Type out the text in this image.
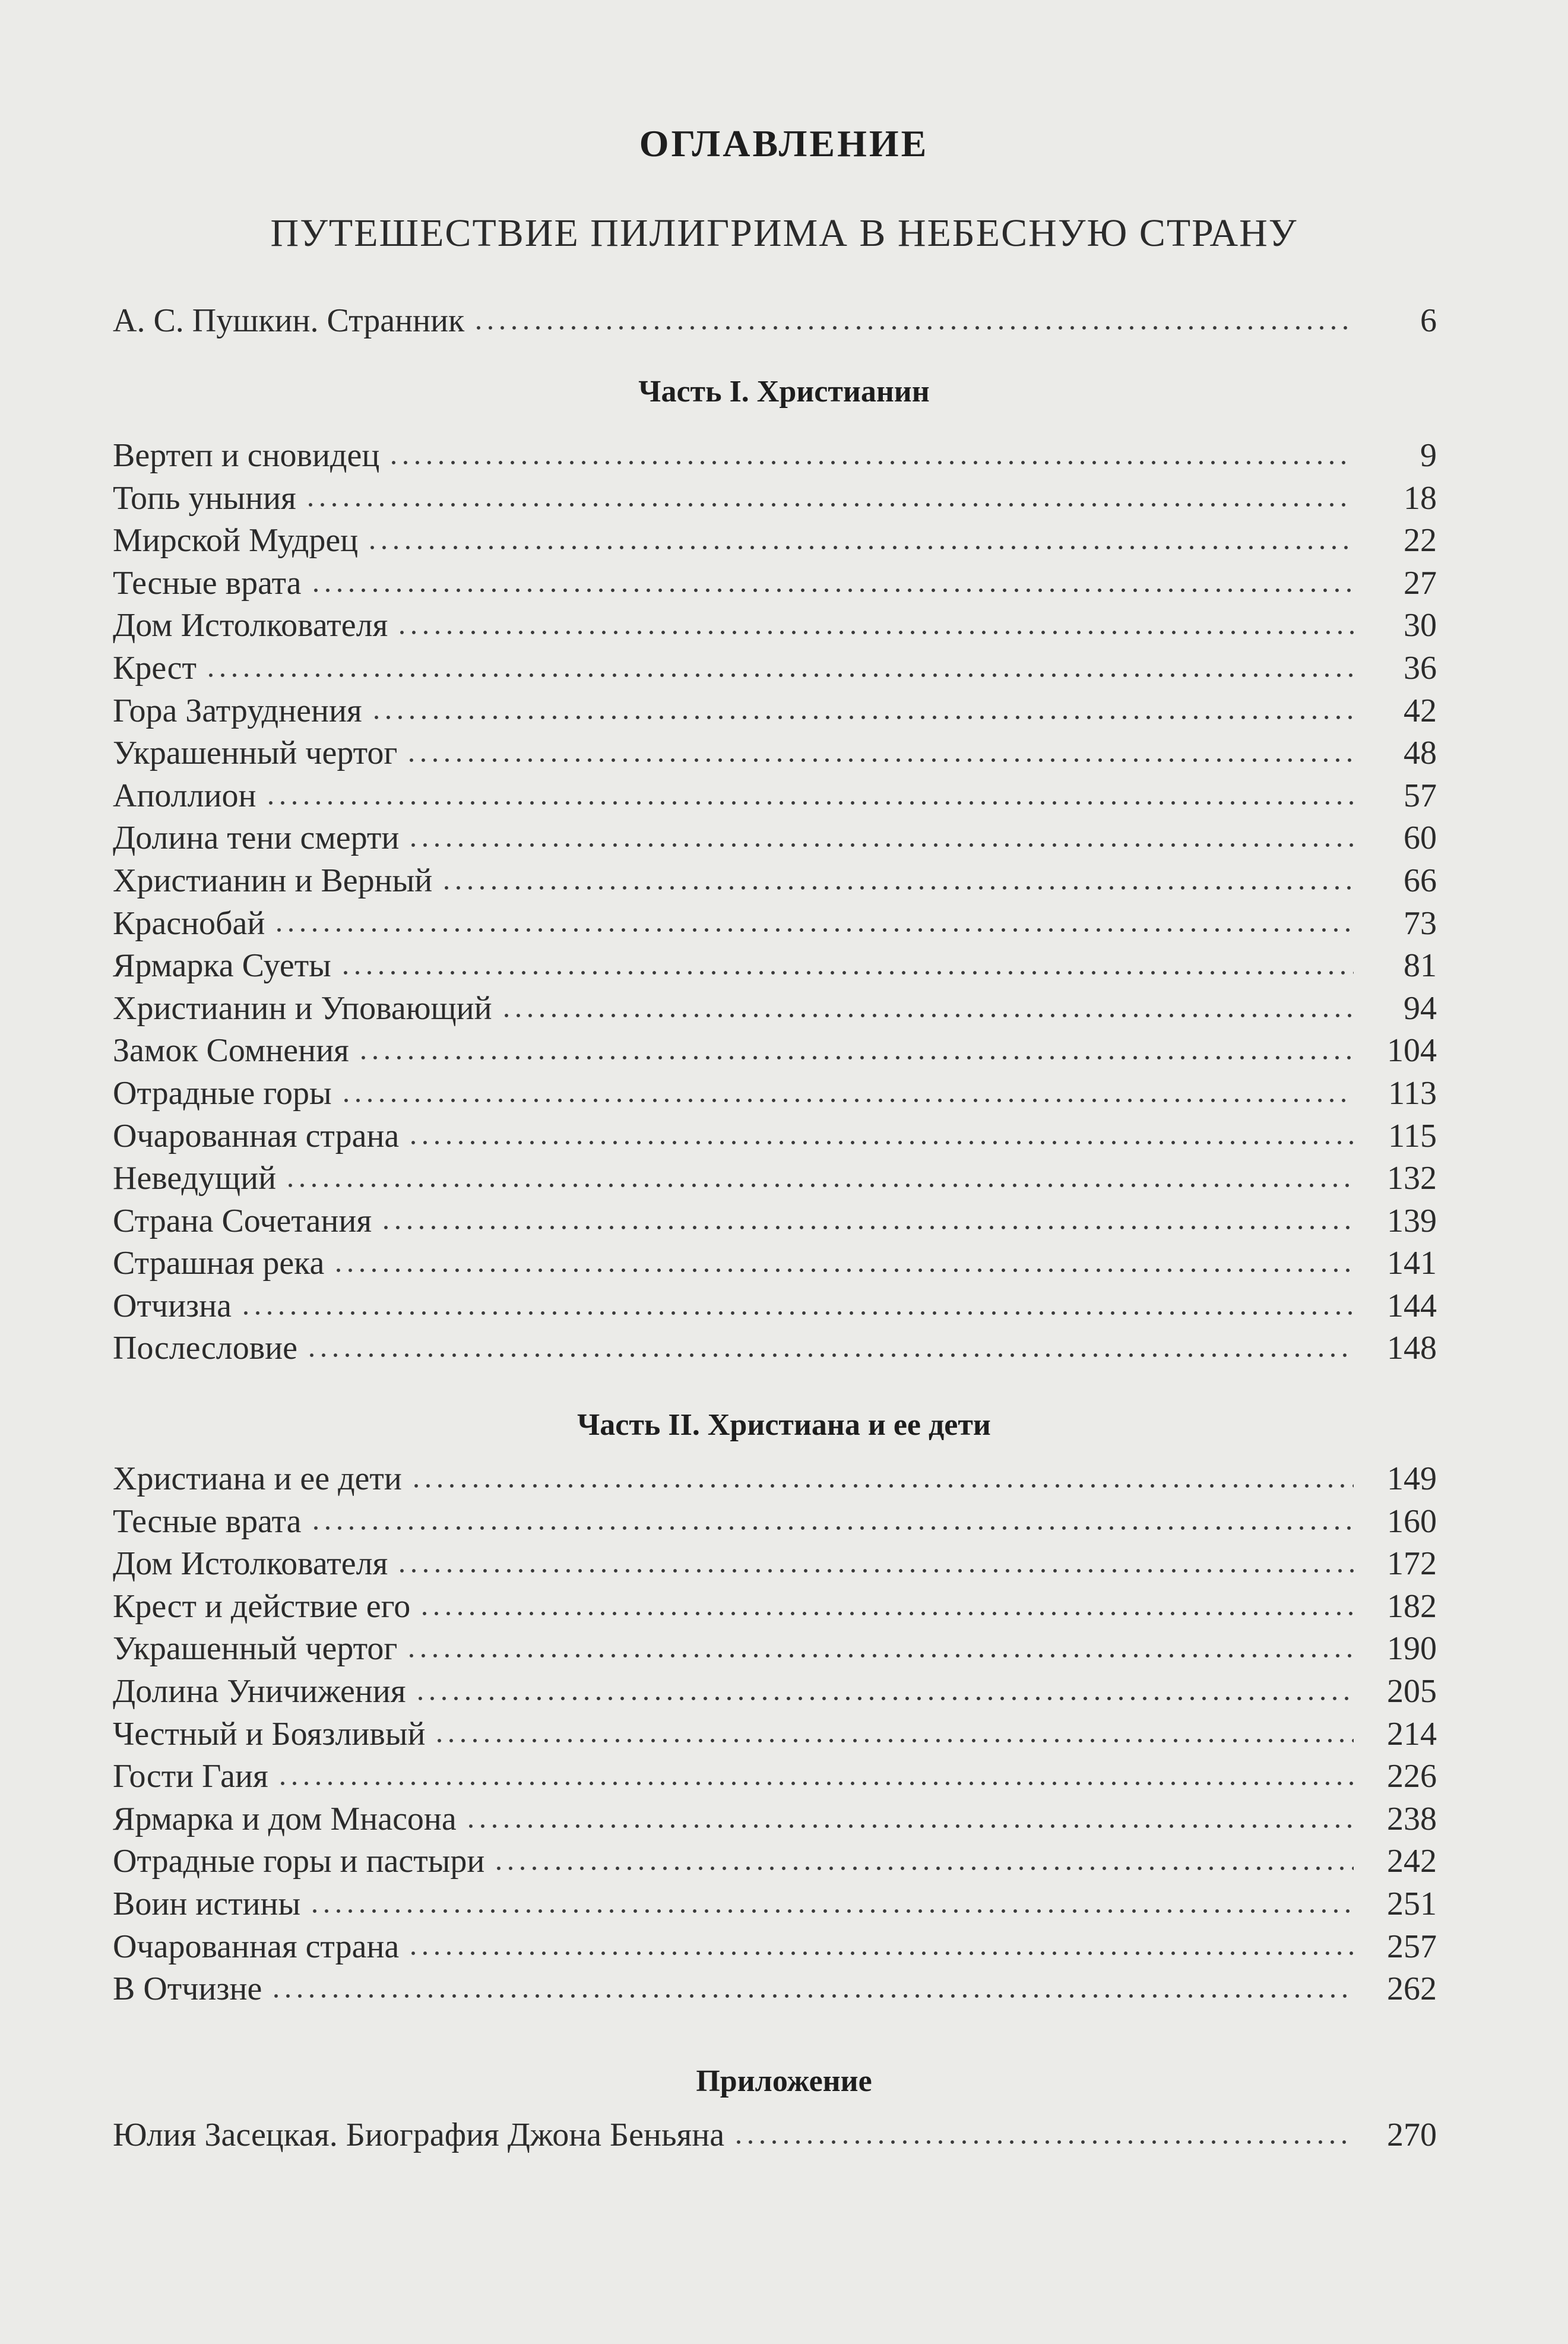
ОГЛАВЛЕНИЕ
ПУТЕШЕСТВИЕ ПИЛИГРИМА В НЕБЕСНУЮ СТРАНУ
А. С. Пушкин. Странник	6
Часть I. Христианин
Вертеп и сновидец	9
Топь уныния	18
Мирской Мудрец	22
Тесные врата	27
Дом Истолкователя	30
Крест	36
Гора Затруднения	42
Украшенный чертог	48
Аполлион	57
Долина тени смерти	60
Христианин и Верный	66
Краснобай	73
Ярмарка Суеты	81
Христианин и Уповающий	94
Замок Сомнения	104
Отрадные горы	113
Очарованная страна	115
Неведущий	132
Страна Сочетания	139
Страшная река	141
Отчизна	144
Послесловие	148
Часть II. Христиана и ее дети
Христиана и ее дети	149
Тесные врата	160
Дом Истолкователя	172
Крест и действие его	182
Украшенный чертог	190
Долина Уничижения	205
Честный и Боязливый	214
Гости Гаия	226
Ярмарка и дом Мнасона	238
Отрадные горы и пастыри	242
Воин истины	251
Очарованная страна	257
В Отчизне	262
Приложение
Юлия Засецкая. Биография Джона Беньяна	270
